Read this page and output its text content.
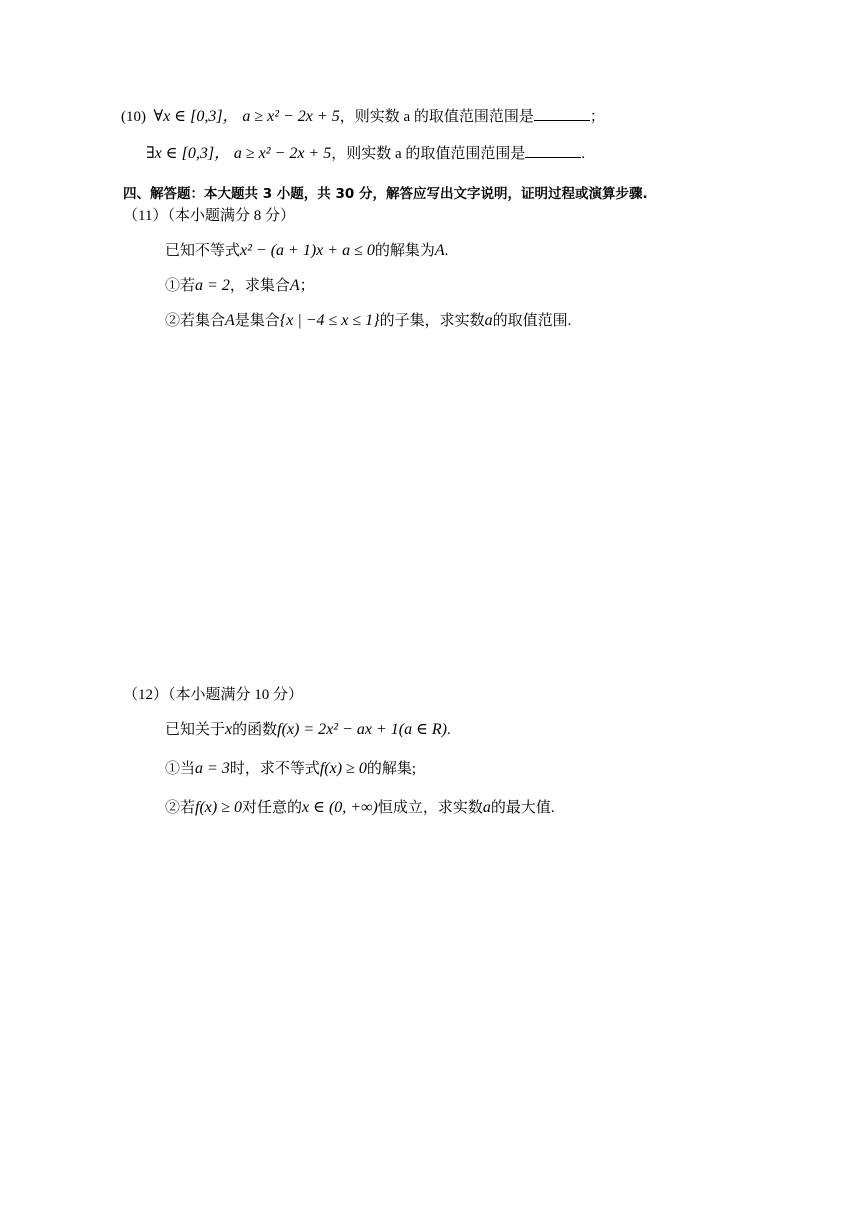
(10) ∀x ∈ [0,3]， a ≥ x² − 2x + 5，则实数 a 的取值范围范围是	；
∃x ∈ [0,3]， a ≥ x² − 2x + 5，则实数 a 的取值范围范围是	.
四、解答题：本大题共 3 小题，共 30 分，解答应写出文字说明，证明过程或演算步骤.
（11）（本小题满分 8 分）
已知不等式x² − (a + 1)x + a ≤ 0的解集为A.
①若a = 2，求集合A；
②若集合A是集合{x | −4 ≤ x ≤ 1}的子集，求实数a的取值范围.
（12）（本小题满分 10 分）
已知关于x的函数f(x) = 2x² − ax + 1(a ∈ R).
①当a = 3时，求不等式f(x) ≥ 0的解集;
②若f(x) ≥ 0对任意的x ∈ (0, +∞)恒成立，求实数a的最大值.
